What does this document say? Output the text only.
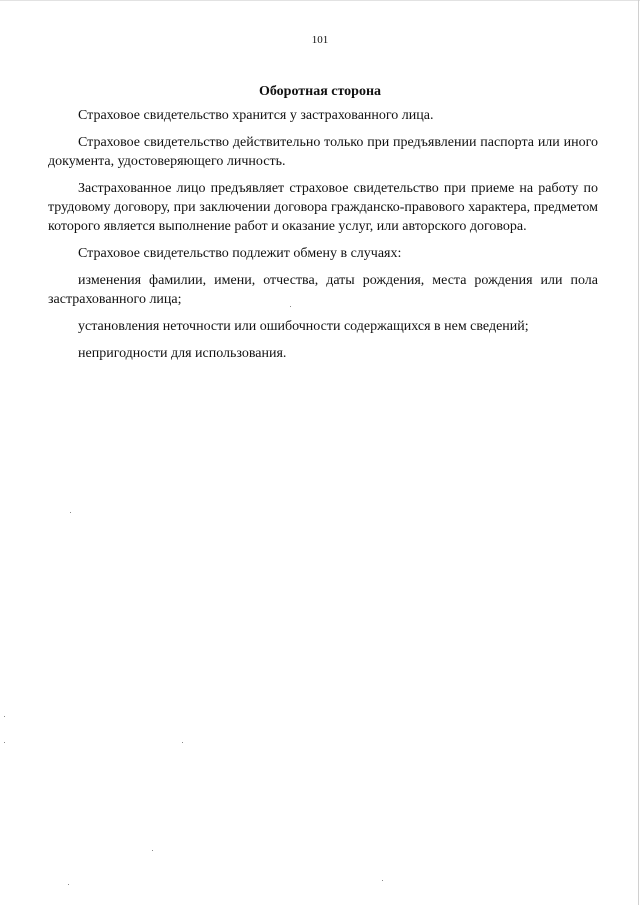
101
Оборотная сторона

Страховое свидетельство хранится у застрахованного лица.

Страховое свидетельство действительно только при предъявлении паспорта или иного документа, удостоверяющего личность.

Застрахованное лицо предъявляет страховое свидетельство при приеме на работу по трудовому договору, при заключении договора гражданско-правового характера, предметом которого является выполнение работ и оказание услуг, или авторского договора.

Страховое свидетельство подлежит обмену в случаях:

изменения фамилии, имени, отчества, даты рождения, места рождения или пола застрахованного лица;

установления неточности или ошибочности содержащихся в нем сведений;

непригодности для использования.
